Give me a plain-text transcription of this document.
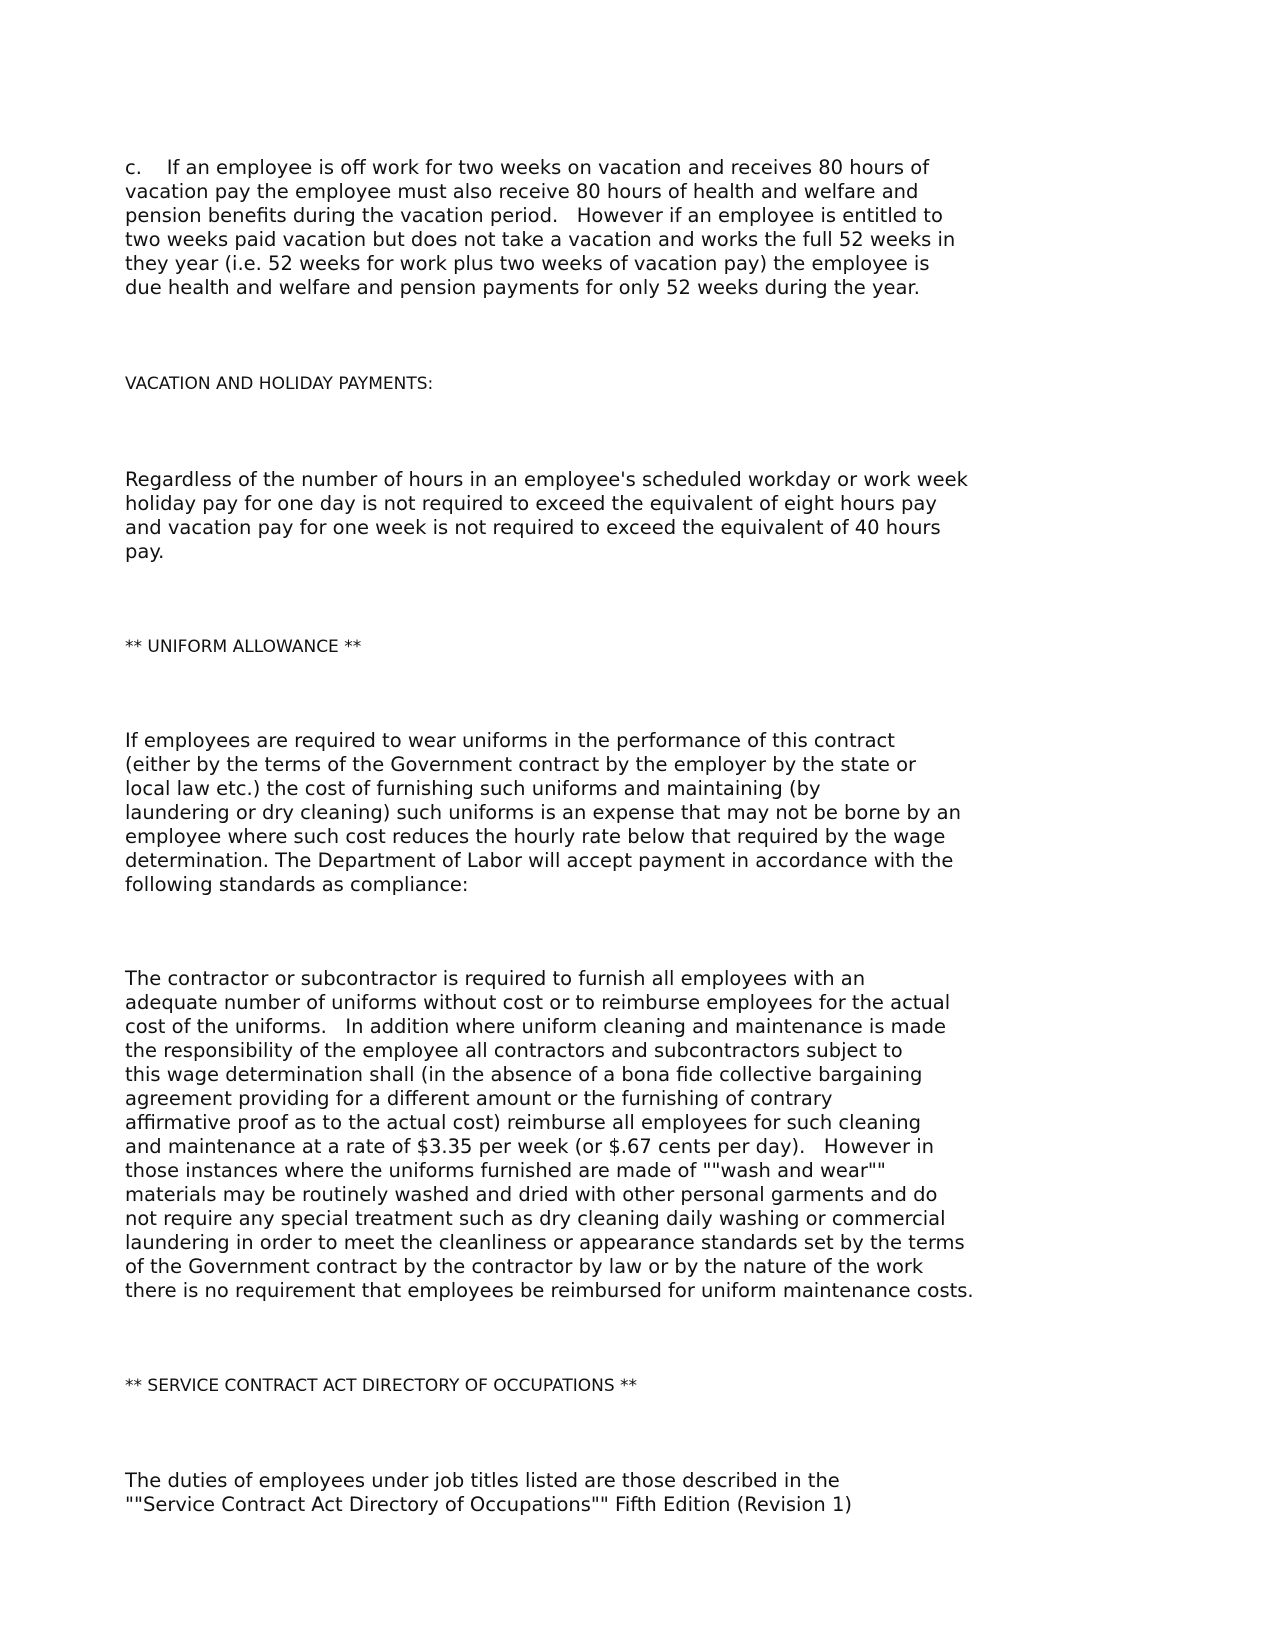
c.    If an employee is off work for two weeks on vacation and receives 80 hours of

vacation pay the employee must also receive 80 hours of health and welfare and

pension benefits during the vacation period.   However if an employee is entitled to

two weeks paid vacation but does not take a vacation and works the full 52 weeks in

they year (i.e. 52 weeks for work plus two weeks of vacation pay) the employee is

due health and welfare and pension payments for only 52 weeks during the year.

VACATION AND HOLIDAY PAYMENTS:

Regardless of the number of hours in an employee's scheduled workday or work week

holiday pay for one day is not required to exceed the equivalent of eight hours pay

and vacation pay for one week is not required to exceed the equivalent of 40 hours

pay.

** UNIFORM ALLOWANCE **

If employees are required to wear uniforms in the performance of this contract

(either by the terms of the Government contract by the employer by the state or

local law etc.) the cost of furnishing such uniforms and maintaining (by

laundering or dry cleaning) such uniforms is an expense that may not be borne by an

employee where such cost reduces the hourly rate below that required by the wage

determination. The Department of Labor will accept payment in accordance with the

following standards as compliance:

The contractor or subcontractor is required to furnish all employees with an

adequate number of uniforms without cost or to reimburse employees for the actual

cost of the uniforms.   In addition where uniform cleaning and maintenance is made

the responsibility of the employee all contractors and subcontractors subject to

this wage determination shall (in the absence of a bona fide collective bargaining

agreement providing for a different amount or the furnishing of contrary

affirmative proof as to the actual cost) reimburse all employees for such cleaning

and maintenance at a rate of $3.35 per week (or $.67 cents per day).   However in

those instances where the uniforms furnished are made of ""wash and wear""

materials may be routinely washed and dried with other personal garments and do

not require any special treatment such as dry cleaning daily washing or commercial

laundering in order to meet the cleanliness or appearance standards set by the terms

of the Government contract by the contractor by law or by the nature of the work

there is no requirement that employees be reimbursed for uniform maintenance costs.

** SERVICE CONTRACT ACT DIRECTORY OF OCCUPATIONS **

The duties of employees under job titles listed are those described in the

""Service Contract Act Directory of Occupations"" Fifth Edition (Revision 1)
